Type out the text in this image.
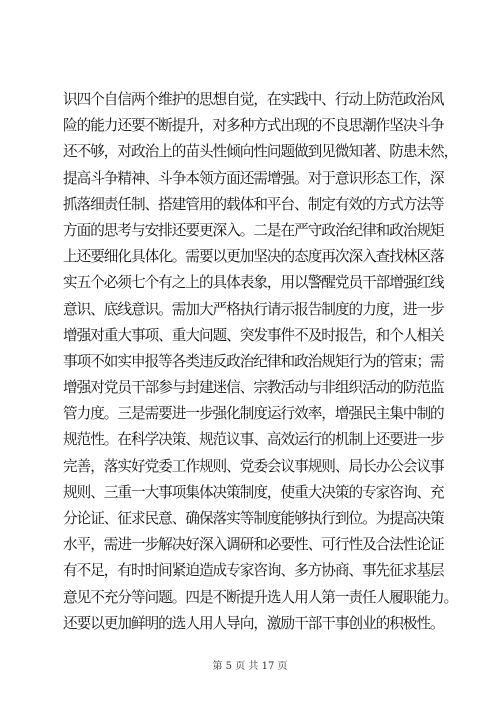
识四个自信两个维护的思想自觉，在实践中、行动上防范政治风
险的能力还要不断提升，对多种方式出现的不良思潮作坚决斗争
还不够，对政治上的苗头性倾向性问题做到见微知著、防患未然，
提高斗争精神、斗争本领方面还需增强。对于意识形态工作，深
抓落细责任制、搭建管用的载体和平台、制定有效的方式方法等
方面的思考与安排还要更深入。二是在严守政治纪律和政治规矩
上还要细化具体化。需要以更加坚决的态度再次深入查找林区落
实五个必须七个有之上的具体表象，用以警醒党员干部增强红线
意识、底线意识。需加大严格执行请示报告制度的力度，进一步
增强对重大事项、重大问题、突发事件不及时报告，和个人相关
事项不如实申报等各类违反政治纪律和政治规矩行为的管束；需
增强对党员干部参与封建迷信、宗教活动与非组织活动的防范监
管力度。三是需要进一步强化制度运行效率，增强民主集中制的
规范性。在科学决策、规范议事、高效运行的机制上还要进一步
完善，落实好党委工作规则、党委会议事规则、局长办公会议事
规则、三重一大事项集体决策制度，使重大决策的专家咨询、充
分论证、征求民意、确保落实等制度能够执行到位。为提高决策
水平，需进一步解决好深入调研和必要性、可行性及合法性论证
有不足，有时时间紧迫造成专家咨询、多方协商、事先征求基层
意见不充分等问题。四是不断提升选人用人第一责任人履职能力。
还要以更加鲜明的选人用人导向，激励干部干事创业的积极性。
第 5 页 共 17 页
